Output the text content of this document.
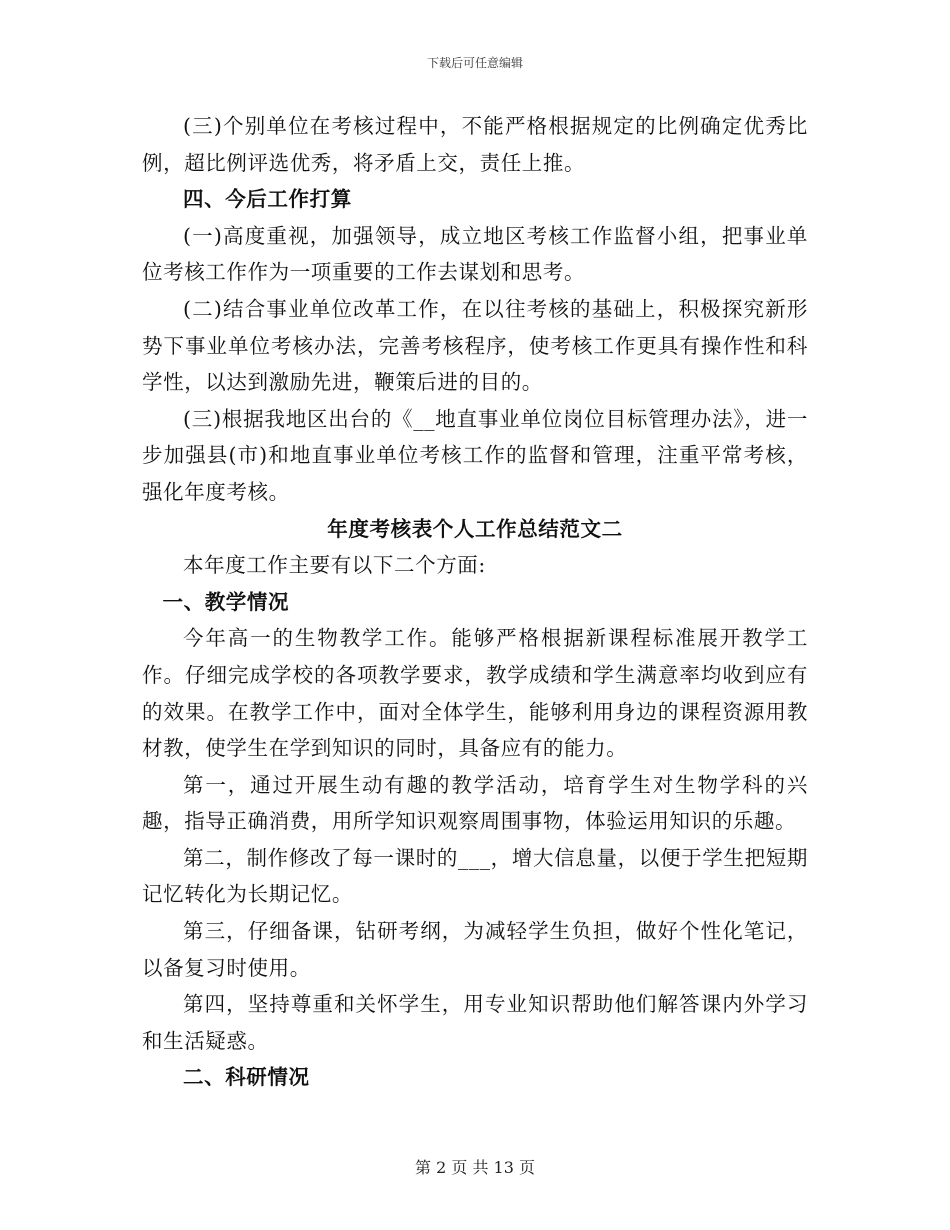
下载后可任意编辑

(三)个别单位在考核过程中，不能严格根据规定的比例确定优秀比例，超比例评选优秀，将矛盾上交，责任上推。

四、今后工作打算

(一)高度重视，加强领导，成立地区考核工作监督小组，把事业单位考核工作作为一项重要的工作去谋划和思考。

(二)结合事业单位改革工作，在以往考核的基础上，积极探究新形势下事业单位考核办法，完善考核程序，使考核工作更具有操作性和科学性，以达到激励先进，鞭策后进的目的。

(三)根据我地区出台的《__地直事业单位岗位目标管理办法》，进一步加强县(市)和地直事业单位考核工作的监督和管理，注重平常考核，强化年度考核。

年度考核表个人工作总结范文二

本年度工作主要有以下二个方面:

一、教学情况

今年高一的生物教学工作。能够严格根据新课程标准展开教学工作。仔细完成学校的各项教学要求，教学成绩和学生满意率均收到应有的效果。在教学工作中，面对全体学生，能够利用身边的课程资源用教材教，使学生在学到知识的同时，具备应有的能力。

第一，通过开展生动有趣的教学活动，培育学生对生物学科的兴趣，指导正确消费，用所学知识观察周围事物，体验运用知识的乐趣。

第二，制作修改了每一课时的___，增大信息量，以便于学生把短期记忆转化为长期记忆。

第三，仔细备课，钻研考纲，为减轻学生负担，做好个性化笔记，以备复习时使用。

第四，坚持尊重和关怀学生，用专业知识帮助他们解答课内外学习和生活疑惑。

二、科研情况

第 2 页 共 13 页
